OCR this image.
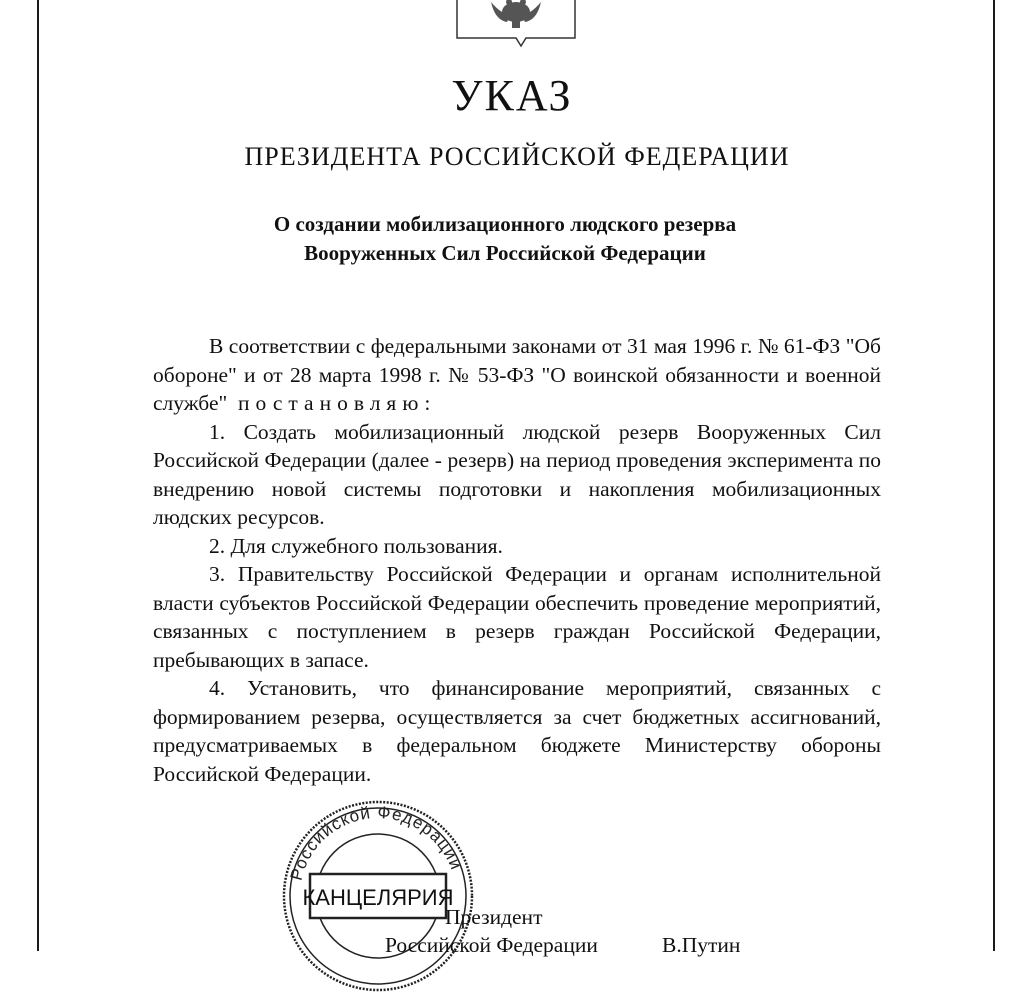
УКАЗ
ПРЕЗИДЕНТА РОССИЙСКОЙ ФЕДЕРАЦИИ
О создании мобилизационного людского резерва
Вооруженных Сил Российской Федерации

В соответствии с федеральными законами от 31 мая 1996 г. № 61-ФЗ "Об обороне" и от 28 марта 1998 г. № 53-ФЗ "О воинской обязанности и военной службе" постановляю:

1. Создать мобилизационный людской резерв Вооруженных Сил Российской Федерации (далее - резерв) на период проведения эксперимента по внедрению новой системы подготовки и накопления мобилизационных людских ресурсов.

2. Для служебного пользования.

3. Правительству Российской Федерации и органам исполнительной власти субъектов Российской Федерации обеспечить проведение мероприятий, связанных с поступлением в резерв граждан Российской Федерации, пребывающих в запасе.

4. Установить, что финансирование мероприятий, связанных с формированием резерва, осуществляется за счет бюджетных ассигнований, предусматриваемых в федеральном бюджете Министерству обороны Российской Федерации.

Российской Федерации
КАНЦЕЛЯРИЯ
Президент
Российской Федерации	В.Путин
